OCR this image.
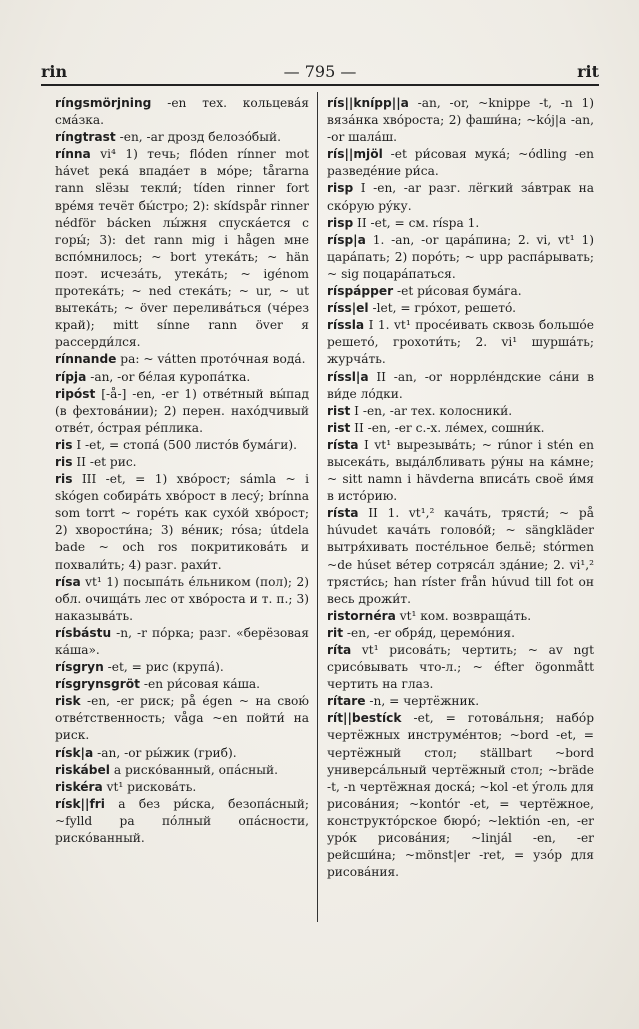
rin	— 795 —	rit

ríngsmörjning -en тех. кольцевáя смáзка.

ríngtrast -en, -ar дрозд белозóбый.

rínna vi⁴ 1) течь; flóden rínner mot hávet рекá впадáет в мóре; tårarna rann slёзы текли́; tíden rinner fort врéмя течёт бы́стро; 2): skídspår rinner nédför bácken лы́жня спускáется с горы́; 3): det rann mig i hågen мне вспóмнилось; ~ bort утекáть; ~ hän поэт. исчезáть, утекáть; ~ igénom протекáть; ~ ned стекáть; ~ ur, ~ ut вытекáть; ~ över переливáться (чéрез край); mitt sínne rann över я рассерди́лся.

rínnande pa: ~ vátten протóчная водá.

rípja -an, -or бéлая куропáтка.

ripóst [-å-] -en, -er 1) отвéтный вы́пад (в фехтовáнии); 2) перен. нахóдчивый отвéт, óстрая рéплика.

ris I -et, = стопá (500 листóв бумáги).

ris II -et рис.

ris III -et, = 1) хвóрост; sámla ~ i skógen собирáть хвóрост в лесý; brínna som torrt ~ горéть как сухóй хвóрост; 2) хворости́на; 3) вéник; rósa; útdela bаde ~ och ros покритиковáть и похвали́ть; 4) разг. рахи́т.

rísa vt¹ 1) посыпáть éльником (пол); 2) обл. очищáть лес от хвóроста и т. п.; 3) наказывáть.

rísbástu -n, -r пóрка; разг. «берёзовая кáша».

rísgryn -et, = рис (крупá).

rísgrynsgröt -en ри́совая кáша.

risk -en, -er риск; på égen ~ на свою́ отвéтственность; våga ~en пойти́ на риск.

rísk|a -an, -or ры́жик (гриб).

riskábel a рискóванный, опáсный.

riskéra vt¹ рисковáть.

rísk||fri a без ри́ска, безопáсный; ~fylld pa пóлный опáсности, рискóванный.

rís||knípp||a -an, -or, ~knippe -t, -n 1) вязáнка хвóроста; 2) фаши́на; ~kój|a -an, -or шалáш.

rís||mjöl -et ри́совая мукá; ~ódling -en разведéние ри́са.

risp I -en, -ar разг. лёгкий зáвтрак на скóрую рýку.

risp II -et, = см. ríspa 1.

rísp|a 1. -an, -or цaрáпина; 2. vi, vt¹ 1) цaрáпать; 2) порóть; ~ upp распáрывать; ~ sig поцарáпаться.

ríspápper -et ри́совая бумáга.

ríss|el -let, = грóхот, решетó.

ríssla I 1. vt¹ просéивать сквозь большóе решетó, грохоти́ть; 2. vi¹ шуршáть; журчáть.

ríssl|a II -an, -or норрлéндские сáни в ви́де лóдки.

rist I -en, -ar тех. колосники́.

rist II -en, -er с.-х. лéмех, сошни́к.

rísta I vt¹ вырезывáть; ~ rúnor i stén en высекáть, выдáлбливать рýны на кáмне; ~ sitt namn i hävderna вписáть своё и́мя в истóрию.

rísta II 1. vt¹,² качáть, трясти́; ~ på húvudet качáть головóй; ~ sängkläder вытря́хивать постéльное бельё; stórmen ~de húset вéтер сотрясáл здáние; 2. vi¹,² трясти́сь; han ríster från húvud till fot он весь дрожи́т.

ristornéra vt¹ ком. возвращáть.

rit -en, -er обря́д, церемóния.

ríta vt¹ рисовáть; чертить; ~ av ngt срисóвывать что-л.; ~ éfter ögonmått чертить на глаз.

rítare -n, = чертёжник.

rít||bestíck -et, = готовáльня; набóр чертёжных инструмéнтов; ~bord -et, = чертёжный стол; ställbart ~bord универсáльный чертёжный стол; ~bräde -t, -n чертёжная доскá; ~kol -et ýголь для рисовáния; ~kontór -et, = чертёжное, конструктóрское бюрó; ~lektión -en, -er урóк рисовáния; ~linjál -en, -er рейсши́на; ~mönst|er -ret, = узóр для рисовáния.
